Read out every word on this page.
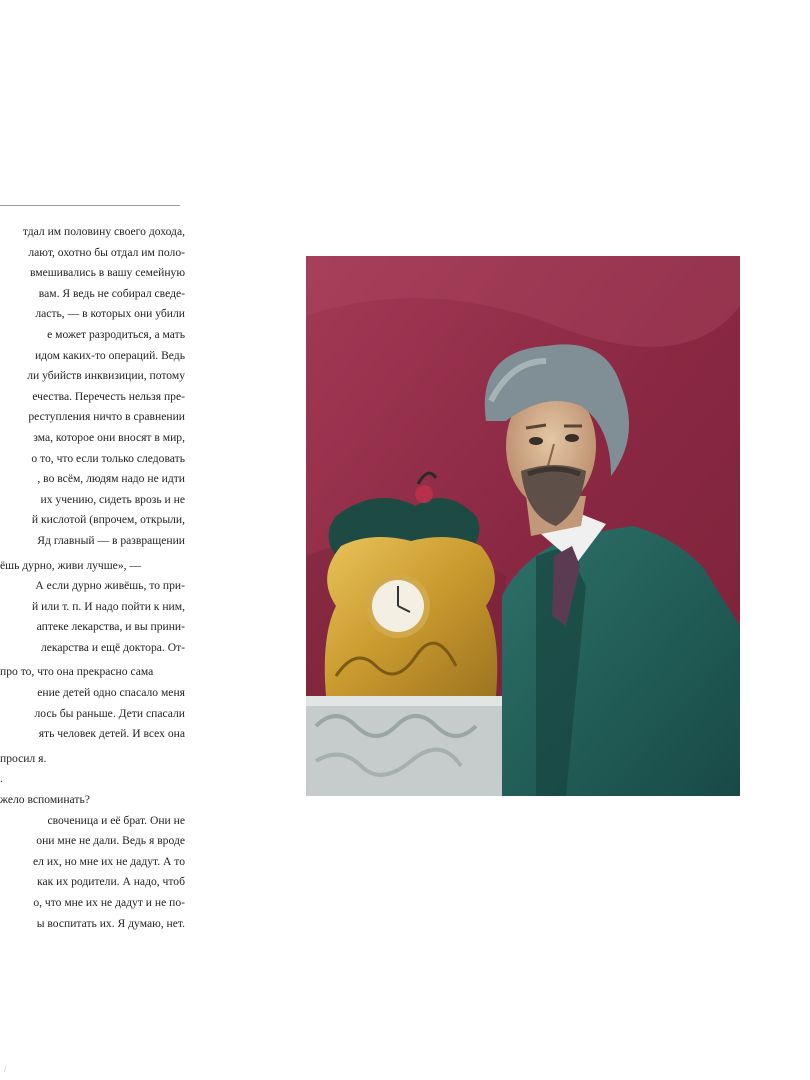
тдал им половину своего дохода,
лают, охотно бы отдал им поло-
вмешивались в вашу семейную
вам. Я ведь не собирал сведе-
ласть, — в которых они убили
е может разродиться, а мать
идом каких-то операций. Ведь
ли убийств инквизиции, потому
ечества. Перечесть нельзя пре-
реступления ничто в сравнении
зма, которое они вносят в мир,
о то, что если только следовать
, во всём, людям надо не идти
их учению, сидеть врозь и не
й кислотой (впрочем, открыли,
Яд главный — в развращении
ёшь дурно, живи лучше», —
А если дурно живёшь, то при-
й или т. п. И надо пойти к ним,
аптеке лекарства, и вы прини-
лекарства и ещё доктора. От-
про то, что она прекрасно сама
ение детей одно спасало меня
лось бы раньше. Дети спасали
ять человек детей. И всех она
просил я.
.
жело вспоминать?
своченица и её брат. Они не
они мне не дали. Ведь я вроде
ел их, но мне их не дадут. А то
как их родители. А надо, чтоб
о, что мне их не дадут и не по-
ы воспитать их. Я думаю, нет.
/
